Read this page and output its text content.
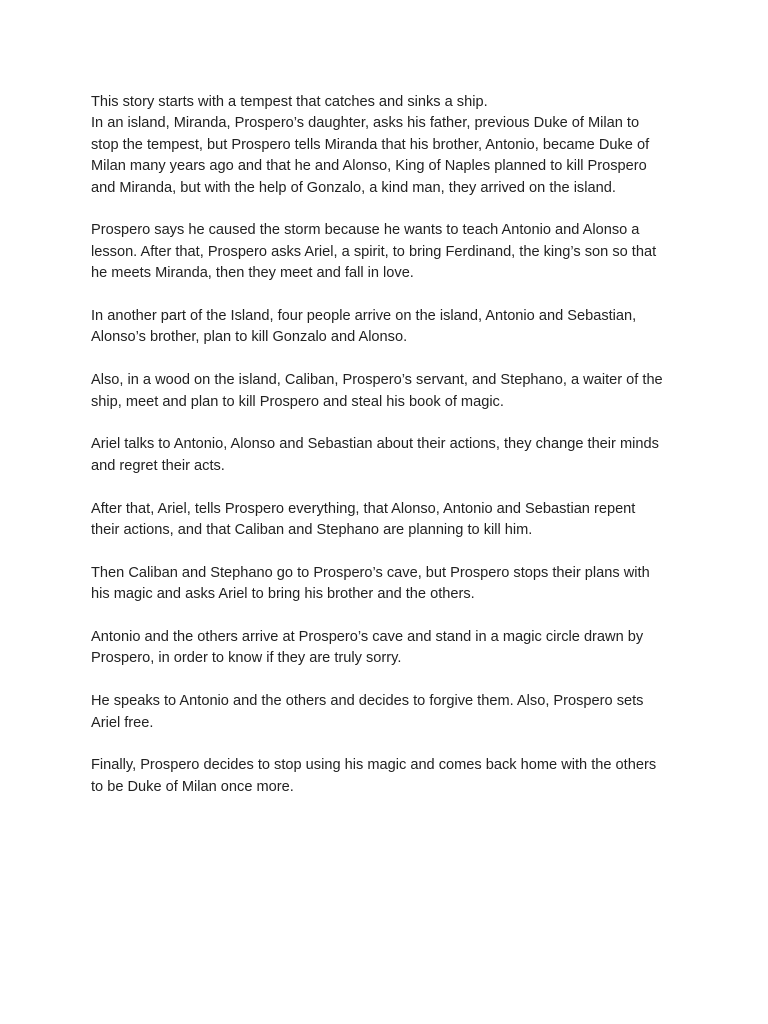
This story starts with a tempest that catches and sinks a ship.
In an island, Miranda, Prospero’s daughter, asks his father, previous Duke of Milan to
stop the tempest, but Prospero tells Miranda that his brother, Antonio, became Duke of
Milan many years ago and that he and Alonso, King of Naples planned to kill Prospero
and Miranda, but with the help of Gonzalo, a kind man, they arrived on the island.

Prospero says he caused the storm because he wants to teach Antonio and Alonso a
lesson. After that, Prospero asks Ariel, a spirit, to bring Ferdinand, the king’s son so that
he meets Miranda, then they meet and fall in love.

In another part of the Island, four people arrive on the island, Antonio and Sebastian,
Alonso’s brother, plan to kill Gonzalo and Alonso.

Also, in a wood on the island, Caliban, Prospero’s servant, and Stephano, a waiter of the
ship, meet and plan to kill Prospero and steal his book of magic.

Ariel talks to Antonio, Alonso and Sebastian about their actions, they change their minds
and regret their acts.

After that, Ariel, tells Prospero everything, that Alonso, Antonio and Sebastian repent
their actions, and that Caliban and Stephano are planning to kill him.

Then Caliban and Stephano go to Prospero’s cave, but Prospero stops their plans with
his magic and asks Ariel to bring his brother and the others.

Antonio and the others arrive at Prospero’s cave and stand in a magic circle drawn by
Prospero, in order to know if they are truly sorry.

He speaks to Antonio and the others and decides to forgive them. Also, Prospero sets
Ariel free.

Finally, Prospero decides to stop using his magic and comes back home with the others
to be Duke of Milan once more.
